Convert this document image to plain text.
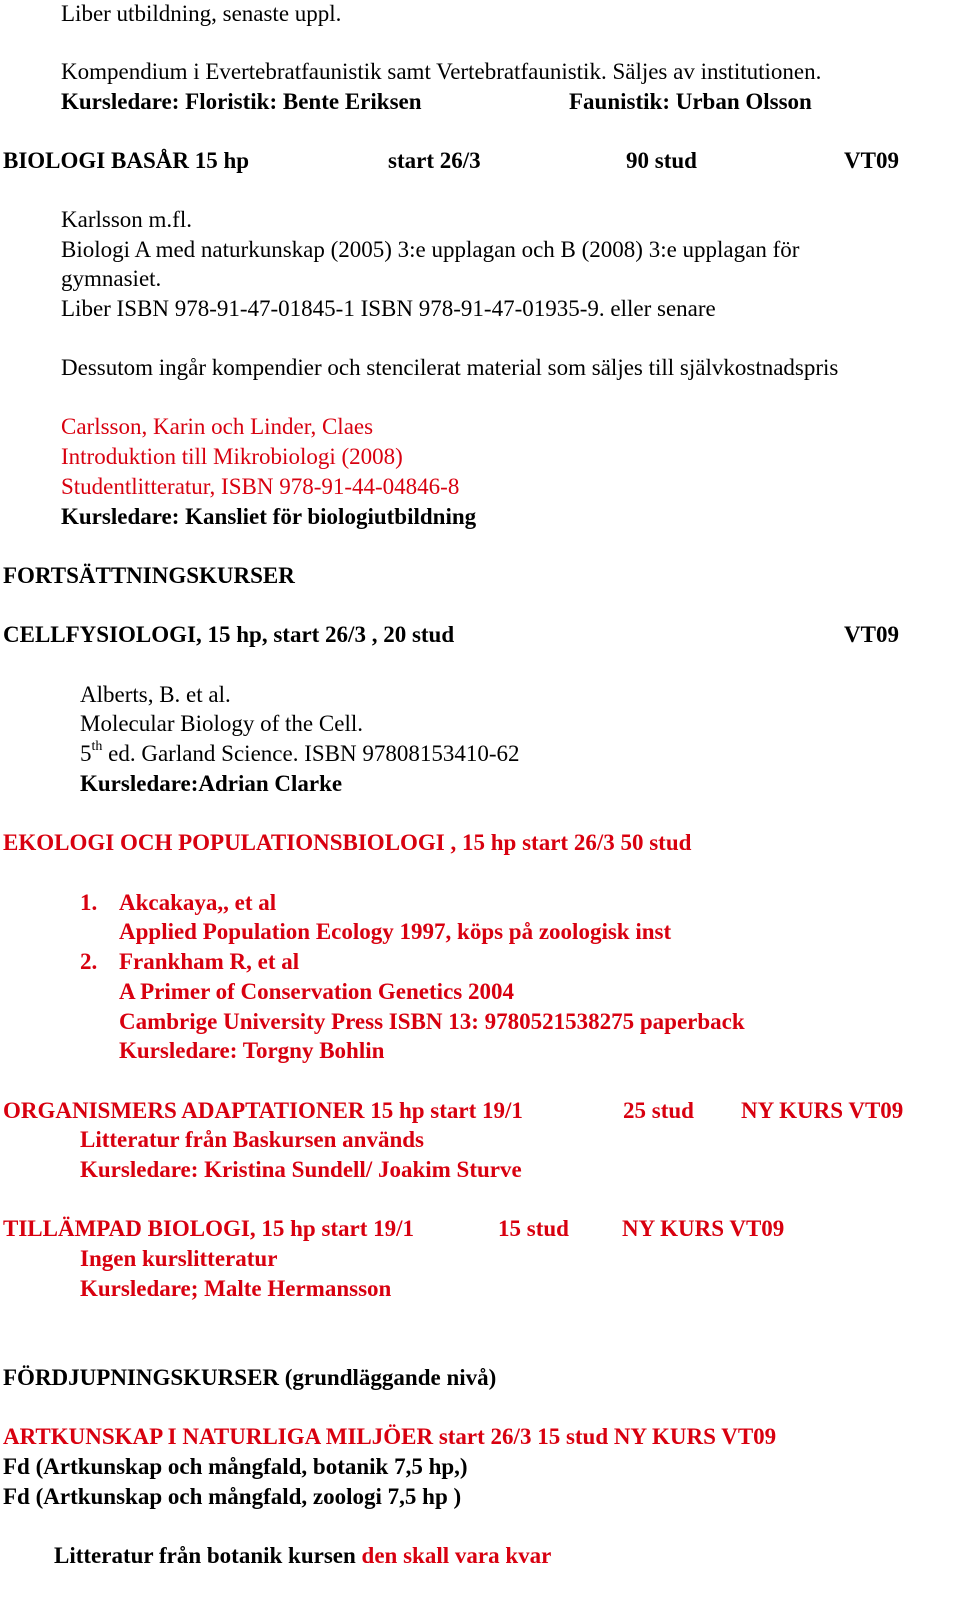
Liber utbildning, senaste uppl.
Kompendium i Evertebratfaunistik samt Vertebratfaunistik. Säljes av institutionen.
Kursledare: Floristik: Bente Eriksen	Faunistik: Urban Olsson
BIOLOGI BASÅR 15 hp	start 26/3	90 stud	VT09
Karlsson m.fl.
Biologi A med naturkunskap (2005) 3:e upplagan och B (2008) 3:e upplagan för
gymnasiet.
Liber ISBN 978-91-47-01845-1 ISBN 978-91-47-01935-9. eller senare
Dessutom ingår kompendier och stencilerat material som säljes till självkostnadspris
Carlsson, Karin och Linder, Claes
Introduktion till Mikrobiologi (2008)
Studentlitteratur, ISBN 978-91-44-04846-8
Kursledare: Kansliet för biologiutbildning
FORTSÄTTNINGSKURSER
CELLFYSIOLOGI, 15 hp, start 26/3 , 20 stud	VT09
Alberts, B. et al.
Molecular Biology of the Cell.
5th ed. Garland Science. ISBN 97808153410-62
Kursledare:Adrian Clarke
EKOLOGI OCH POPULATIONSBIOLOGI , 15 hp start 26/3 50 stud
1. Akcakaya,, et al
Applied Population Ecology 1997, köps på zoologisk inst
2. Frankham R, et al
A Primer of Conservation Genetics 2004
Cambrige University Press ISBN 13: 9780521538275 paperback
Kursledare: Torgny Bohlin
ORGANISMERS ADAPTATIONER 15 hp start 19/1	25 stud NY KURS VT09
Litteratur från Baskursen används
Kursledare: Kristina Sundell/ Joakim Sturve
TILLÄMPAD BIOLOGI, 15 hp start 19/1	15 stud NY KURS VT09
Ingen kurslitteratur
Kursledare; Malte Hermansson
FÖRDJUPNINGSKURSER (grundläggande nivå)
ARTKUNSKAP I NATURLIGA MILJÖER start 26/3 15 stud NY KURS VT09
Fd (Artkunskap och mångfald, botanik 7,5 hp,)
Fd (Artkunskap och mångfald, zoologi 7,5 hp )
Litteratur från botanik kursen den skall vara kvar
